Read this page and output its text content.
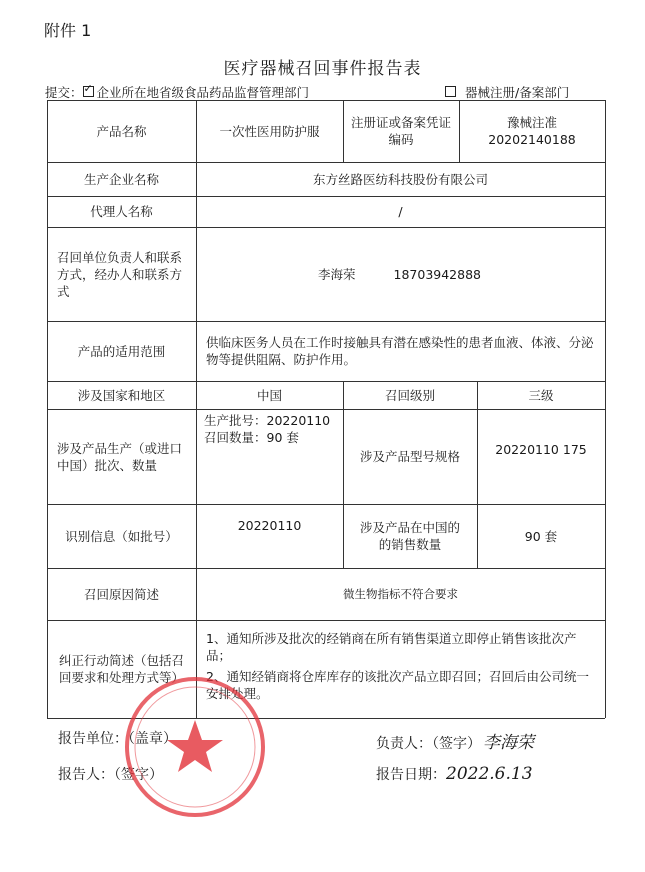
附件 1
医疗器械召回事件报告表
提交：✓ 企业所在地省级食品药品监督管理部门	器械注册/备案部门
产品名称	一次性医用防护服
注册证或备案凭证编码
豫械注准20202140188
生产企业名称	东方丝路医纺科技股份有限公司
代理人名称	/
召回单位负责人和联系方式，经办人和联系方式
李海荣	18703942888
产品的适用范围
供临床医务人员在工作时接触具有潜在感染性的患者血液、体液、分泌物等提供阻隔、防护作用。
涉及国家和地区	中国	召回级别	三级
涉及产品生产（或进口中国）批次、数量
生产批号：20220110
召回数量：90 套
涉及产品型号规格	20220110 175
识别信息（如批号）
20220110	涉及产品在中国的的销售数量
90 套
召回原因简述	微生物指标不符合要求
纠正行动简述（包括召回要求和处理方式等）
1、通知所涉及批次的经销商在所有销售渠道立即停止销售该批次产品；
2、通知经销商将仓库库存的该批次产品立即召回；召回后由公司统一安排处理。
报告单位：（盖章）	负责人：（签字） 李海荣
报告人：（签字）	报告日期：2022.6.13
